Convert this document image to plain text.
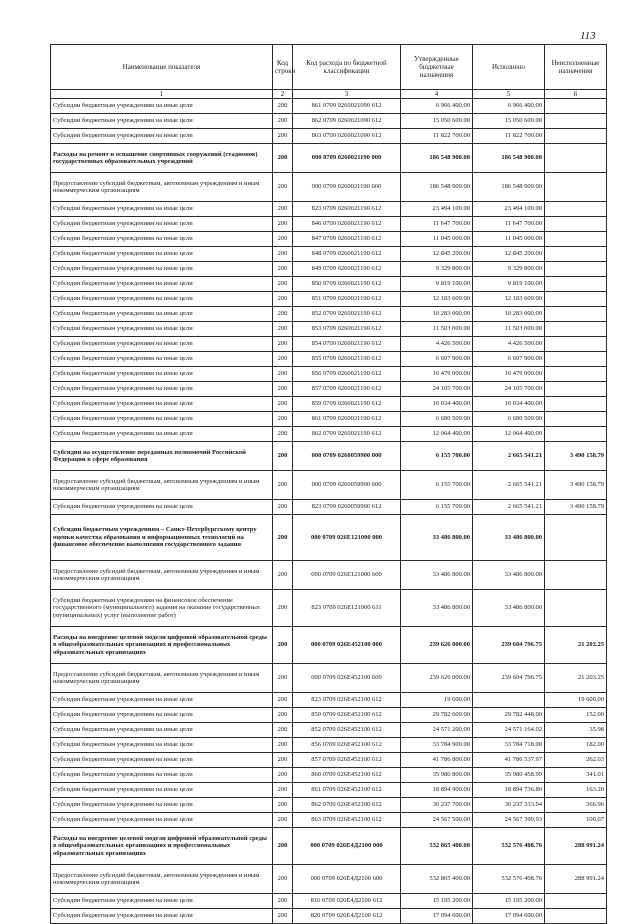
113
Наименование показателя	Код строки	Код расхода по бюджетной классификации	Утвержденные бюджетные назначения	Исполнено	Неисполненные назначения
1	2	3	4	5	6
Субсидии бюджетным учреждениям на иные цели	200	861 0709 0260021090 612	6 966 400.00	6 966 400.00	
Субсидии бюджетным учреждениям на иные цели	200	862 0709 0260021090 612	15 050 600.00	15 050 600.00	
Субсидии бюджетным учреждениям на иные цели	200	863 0709 0260021090 612	11 822 700.00	11 822 700.00	
Расходы на ремонт и оснащение спортивных сооружений (стадионов) государственных образовательных учреждений	200	000 0709 0260021190 000	186 548 900.00	186 548 900.00	
Предоставление субсидий бюджетным, автономным учреждениям и иным некоммерческим организациям	200	000 0709 0260021190 600	186 548 900.00	186 548 900.00	
Субсидии бюджетным учреждениям на иные цели	200	823 0709 0260021190 612	23 494 100.00	23 494 100.00	
Субсидии бюджетным учреждениям на иные цели	200	846 0709 0260021190 612	11 647 700.00	11 647 700.00	
Субсидии бюджетным учреждениям на иные цели	200	847 0709 0260021190 612	11 045 000.00	11 045 000.00	
Субсидии бюджетным учреждениям на иные цели	200	848 0709 0260021190 612	12 845 200.00	12 845 200.00	
Субсидии бюджетным учреждениям на иные цели	200	849 0709 0260021190 612	9 329 800.00	9 329 800.00	
Субсидии бюджетным учреждениям на иные цели	200	850 0709 0260021190 612	9 819 100.00	9 819 100.00	
Субсидии бюджетным учреждениям на иные цели	200	851 0709 0260021190 612	12 183 600.00	12 183 600.00	
Субсидии бюджетным учреждениям на иные цели	200	852 0709 0260021190 612	10 283 000.00	10 283 000.00	
Субсидии бюджетным учреждениям на иные цели	200	853 0709 0260021190 612	11 503 000.00	11 503 000.00	
Субсидии бюджетным учреждениям на иные цели	200	854 0709 0260021190 612	4 426 500.00	4 426 500.00	
Субсидии бюджетным учреждениям на иные цели	200	855 0709 0260021190 612	6 607 900.00	6 607 900.00	
Субсидии бюджетным учреждениям на иные цели	200	856 0709 0260021190 612	10 479 000.00	10 479 000.00	
Субсидии бюджетным учреждениям на иные цели	200	857 0709 0260021190 612	24 105 700.00	24 105 700.00	
Субсидии бюджетным учреждениям на иные цели	200	859 0709 0260021190 612	10 034 400.00	10 034 400.00	
Субсидии бюджетным учреждениям на иные цели	200	861 0709 0260021190 612	6 680 500.00	6 680 500.00	
Субсидии бюджетным учреждениям на иные цели	200	862 0709 0260021190 612	12 064 400.00	12 064 400.00	
Субсидии на осуществление переданных полномочий Российской Федерации в сфере образования	200	000 0709 0260059900 000	6 155 700.00	2 665 541.21	3 490 158.79
Предоставление субсидий бюджетным, автономным учреждениям и иным некоммерческим организациям	200	000 0709 0260059900 600	6 155 700.00	2 665 541.21	3 490 158.79
Субсидии бюджетным учреждениям на иные цели	200	823 0709 0260059900 612	6 155 700.00	2 665 541.21	3 490 158.79
Субсидии бюджетным учреждениям – Санкт-Петербургскому центру оценки качества образования и информационных технологий на финансовое обеспечение выполнения государственного задания	200	000 0709 026Е121000 000	33 486 800.00	33 486 800.00	
Предоставление субсидий бюджетным, автономным учреждениям и иным некоммерческим организациям	200	000 0709 026Е121000 600	33 486 800.00	33 486 800.00	
Субсидии бюджетным учреждениям на финансовое обеспечение государственного (муниципального) задания на оказание государственных (муниципальных) услуг (выполнение работ)	200	823 0709 026Е121000 611	33 486 800.00	33 486 800.00	
Расходы на внедрение целевой модели цифровой образовательной среды в общеобразовательных организациях и профессиональных образовательных организациях	200	000 0709 026Е452100 000	239 626 000.00	239 604 796.75	21 203.25
Предоставление субсидий бюджетным, автономным учреждениям и иным некоммерческим организациям	200	000 0709 026Е452100 600	239 626 000.00	239 604 796.75	21 203.25
Субсидии бюджетным учреждениям на иные цели	200	823 0709 026Е452100 612	19 600.00		19 600.00
Субсидии бюджетным учреждениям на иные цели	200	850 0709 026Е452100 612	29 782 600.00	29 782 448.00	152.00
Субсидии бюджетным учреждениям на иные цели	200	852 0709 026Е452100 612	24 571 200.00	24 571 164.02	35.98
Субсидии бюджетным учреждениям на иные цели	200	856 0709 026Е452100 612	33 784 900.00	33 784 718.00	182.00
Субсидии бюджетным учреждениям на иные цели	200	857 0709 026Е452100 612	41 786 800.00	41 786 537.97	262.03
Субсидии бюджетным учреждениям на иные цели	200	860 0709 026Е452100 612	35 980 800.00	35 980 458.99	341.01
Субсидии бюджетным учреждениям на иные цели	200	861 0709 026Е452100 612	18 894 900.00	18 894 736.80	163.20
Субсидии бюджетным учреждениям на иные цели	200	862 0709 026Е452100 612	30 237 700.00	30 237 333.04	366.96
Субсидии бюджетным учреждениям на иные цели	200	863 0709 026Е452100 612	24 567 500.00	24 567 399.93	100.07
Расходы на внедрение целевой модели цифровой образовательной среды в общеобразовательных организациях и профессиональных образовательных организациях	200	000 0709 026Е4Д2100 000	532 865 400.00	532 576 408.76	288 991.24
Предоставление субсидий бюджетным, автономным учреждениям и иным некоммерческим организациям	200	000 0709 026Е4Д2100 600	532 865 400.00	532 576 408.76	288 991.24
Субсидии бюджетным учреждениям на иные цели	200	816 0709 026Е4Д2100 612	15 195 200.00	15 195 200.00	
Субсидии бюджетным учреждениям на иные цели	200	820 0709 026Е4Д2100 612	17 094 600.00	17 094 600.00	
